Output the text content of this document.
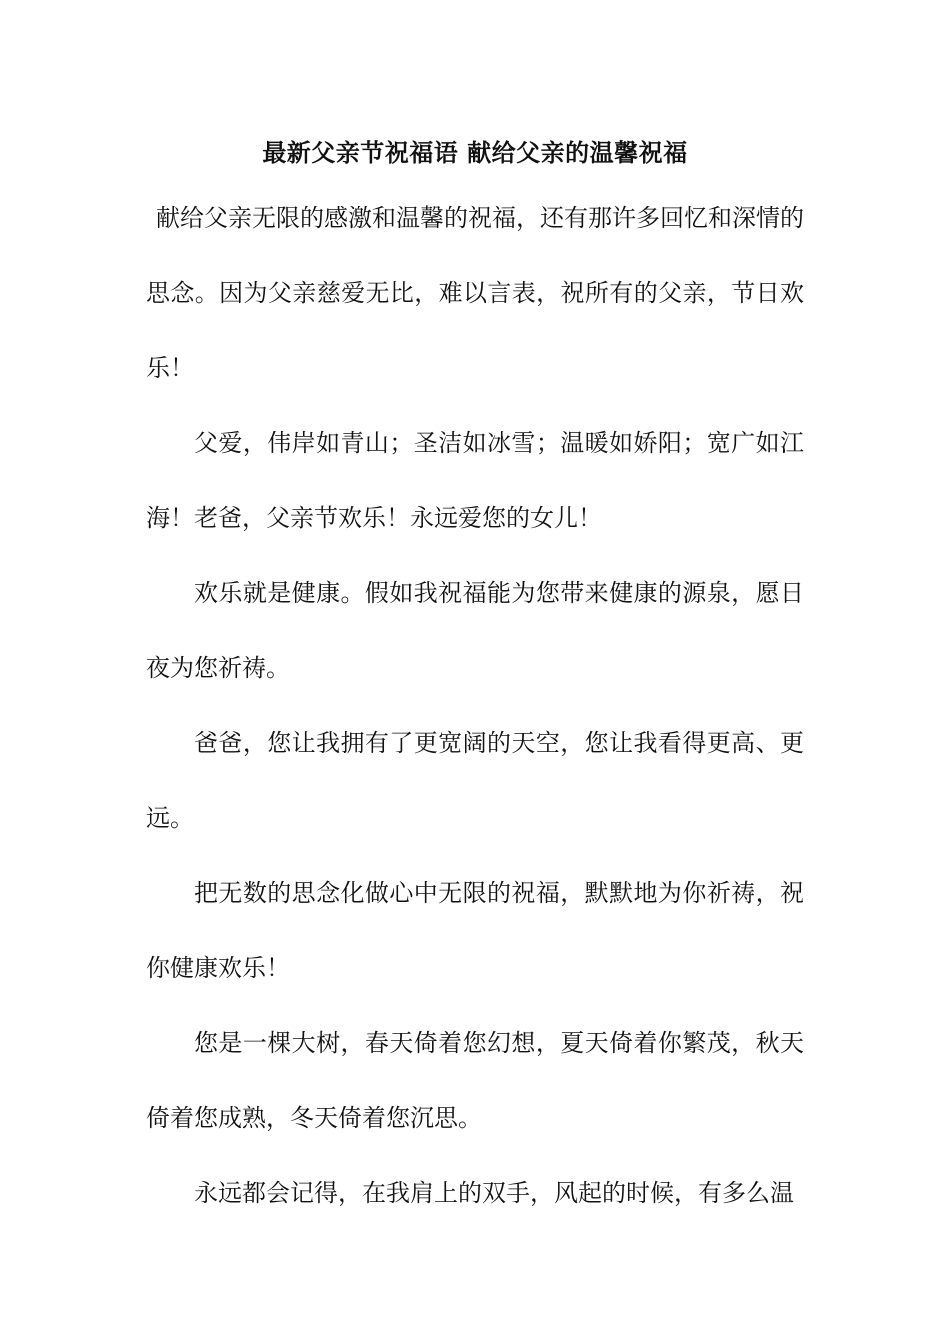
最新父亲节祝福语 献给父亲的温馨祝福

献给父亲无限的感激和温馨的祝福，还有那许多回忆和深情的思念。因为父亲慈爱无比，难以言表，祝所有的父亲，节日欢乐！

父爱，伟岸如青山；圣洁如冰雪；温暖如娇阳；宽广如江海！老爸，父亲节欢乐！永远爱您的女儿！

欢乐就是健康。假如我祝福能为您带来健康的源泉，愿日夜为您祈祷。

爸爸，您让我拥有了更宽阔的天空，您让我看得更高、更远。

把无数的思念化做心中无限的祝福，默默地为你祈祷，祝你健康欢乐！

您是一棵大树，春天倚着您幻想，夏天倚着你繁茂，秋天倚着您成熟，冬天倚着您沉思。

永远都会记得，在我肩上的双手，风起的时候，有多么温
